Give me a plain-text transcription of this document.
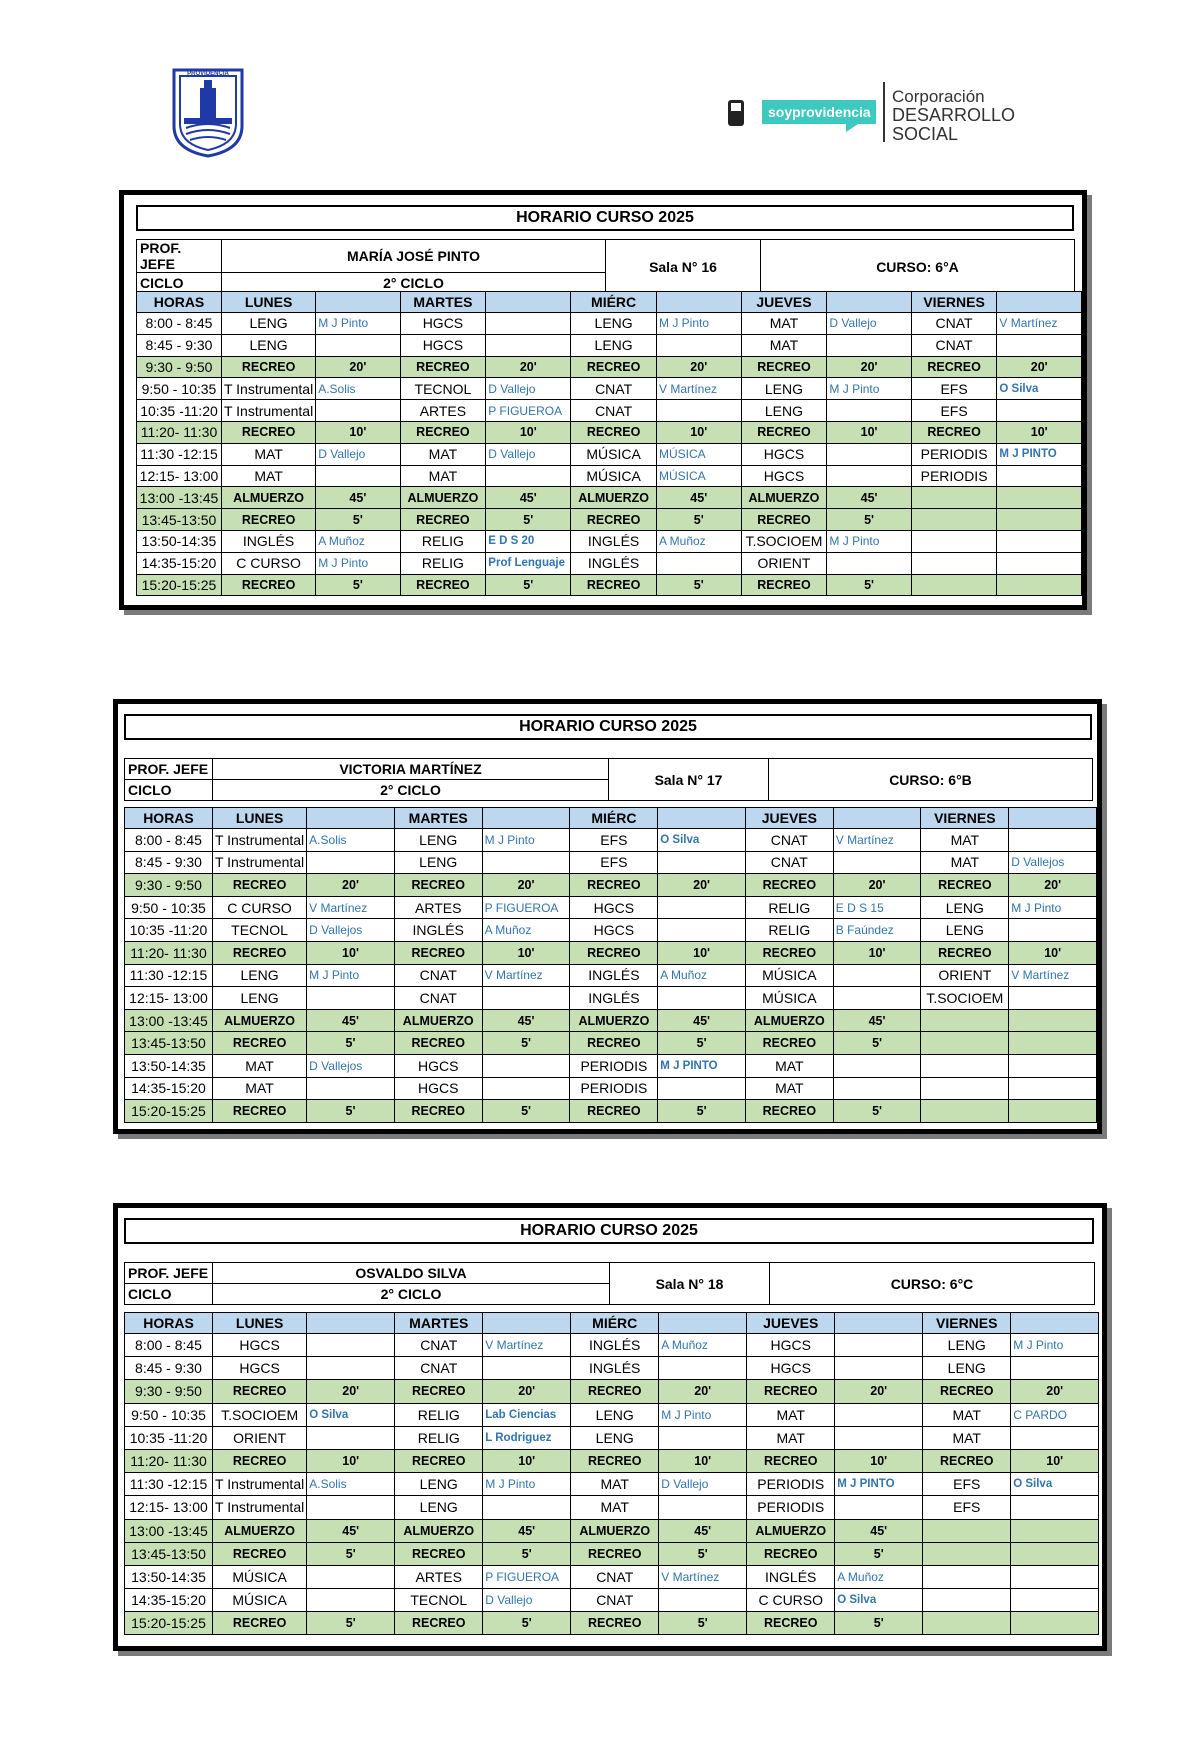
PROVIDENCIA
soyprovidencia
Corporación
DESARROLLO
SOCIAL
HORARIO CURSO 2025
PROF. JEFE	MARÍA JOSÉ PINTO	Sala N° 16	CURSO: 6°A
CICLO	2° CICLO		
HORAS	LUNES		MARTES		MIÉRC		JUEVES		VIERNES	
8:00 - 8:45	LENG	M J Pinto	HGCS		LENG	M J Pinto	MAT	D Vallejo	CNAT	V Martínez
8:45 - 9:30	LENG		HGCS		LENG		MAT		CNAT	
9:30 - 9:50	RECREO	20'	RECREO	20'	RECREO	20'	RECREO	20'	RECREO	20'
9:50 - 10:35	T Instrumental	A.Solis	TECNOL	D Vallejo	CNAT	V Martínez	LENG	M J Pinto	EFS	O Silva
10:35 -11:20	T Instrumental		ARTES	P FIGUEROA	CNAT		LENG		EFS	
11:20- 11:30	RECREO	10'	RECREO	10'	RECREO	10'	RECREO	10'	RECREO	10'
11:30 -12:15	MAT	D Vallejo	MAT	D Vallejo	MÚSICA	MÚSICA	HGCS		PERIODIS	M J PINTO
12:15- 13:00	MAT		MAT		MÚSICA	MÚSICA	HGCS		PERIODIS	
13:00 -13:45	ALMUERZO	45'	ALMUERZO	45'	ALMUERZO	45'	ALMUERZO	45'		
13:45-13:50	RECREO	5'	RECREO	5'	RECREO	5'	RECREO	5'		
13:50-14:35	INGLÉS	A Muñoz	RELIG	E D S 20	INGLÉS	A Muñoz	T.SOCIOEM	M J Pinto		
14:35-15:20	C CURSO	M J Pinto	RELIG	Prof Lenguaje	INGLÉS		ORIENT			
15:20-15:25	RECREO	5'	RECREO	5'	RECREO	5'	RECREO	5'		
HORARIO CURSO 2025
PROF. JEFE	VICTORIA MARTÍNEZ	Sala N° 17	CURSO: 6°B
CICLO	2° CICLO		
HORAS	LUNES		MARTES		MIÉRC		JUEVES		VIERNES	
8:00 - 8:45	T Instrumental	A.Solis	LENG	M J Pinto	EFS	O Silva	CNAT	V Martínez	MAT	
8:45 - 9:30	T Instrumental		LENG		EFS		CNAT		MAT	D Vallejos
9:30 - 9:50	RECREO	20'	RECREO	20'	RECREO	20'	RECREO	20'	RECREO	20'
9:50 - 10:35	C CURSO	V Martínez	ARTES	P FIGUEROA	HGCS		RELIG	E D S 15	LENG	M J Pinto
10:35 -11:20	TECNOL	D Vallejos	INGLÉS	A Muñoz	HGCS		RELIG	B Faúndez	LENG	
11:20- 11:30	RECREO	10'	RECREO	10'	RECREO	10'	RECREO	10'	RECREO	10'
11:30 -12:15	LENG	M J Pinto	CNAT	V Martínez	INGLÉS	A Muñoz	MÚSICA		ORIENT	V Martínez
12:15- 13:00	LENG		CNAT		INGLÉS		MÚSICA		T.SOCIOEM	
13:00 -13:45	ALMUERZO	45'	ALMUERZO	45'	ALMUERZO	45'	ALMUERZO	45'		
13:45-13:50	RECREO	5'	RECREO	5'	RECREO	5'	RECREO	5'		
13:50-14:35	MAT	D Vallejos	HGCS		PERIODIS	M J PINTO	MAT			
14:35-15:20	MAT		HGCS		PERIODIS		MAT			
15:20-15:25	RECREO	5'	RECREO	5'	RECREO	5'	RECREO	5'		
HORARIO CURSO 2025
PROF. JEFE	OSVALDO SILVA	Sala N° 18	CURSO: 6°C
CICLO	2° CICLO		
HORAS	LUNES		MARTES		MIÉRC		JUEVES		VIERNES	
8:00 - 8:45	HGCS		CNAT	V Martínez	INGLÉS	A Muñoz	HGCS		LENG	M J Pinto
8:45 - 9:30	HGCS		CNAT		INGLÉS		HGCS		LENG	
9:30 - 9:50	RECREO	20'	RECREO	20'	RECREO	20'	RECREO	20'	RECREO	20'
9:50 - 10:35	T.SOCIOEM	O Silva	RELIG	Lab Ciencias	LENG	M J Pinto	MAT		MAT	C PARDO
10:35 -11:20	ORIENT		RELIG	L Rodriguez	LENG		MAT		MAT	
11:20- 11:30	RECREO	10'	RECREO	10'	RECREO	10'	RECREO	10'	RECREO	10'
11:30 -12:15	T Instrumental	A.Solis	LENG	M J Pinto	MAT	D Vallejo	PERIODIS	M J PINTO	EFS	O Silva
12:15- 13:00	T Instrumental		LENG		MAT		PERIODIS		EFS	
13:00 -13:45	ALMUERZO	45'	ALMUERZO	45'	ALMUERZO	45'	ALMUERZO	45'		
13:45-13:50	RECREO	5'	RECREO	5'	RECREO	5'	RECREO	5'		
13:50-14:35	MÚSICA		ARTES	P FIGUEROA	CNAT	V Martínez	INGLÉS	A Muñoz		
14:35-15:20	MÚSICA		TECNOL	D Vallejo	CNAT		C CURSO	O Silva		
15:20-15:25	RECREO	5'	RECREO	5'	RECREO	5'	RECREO	5'		
